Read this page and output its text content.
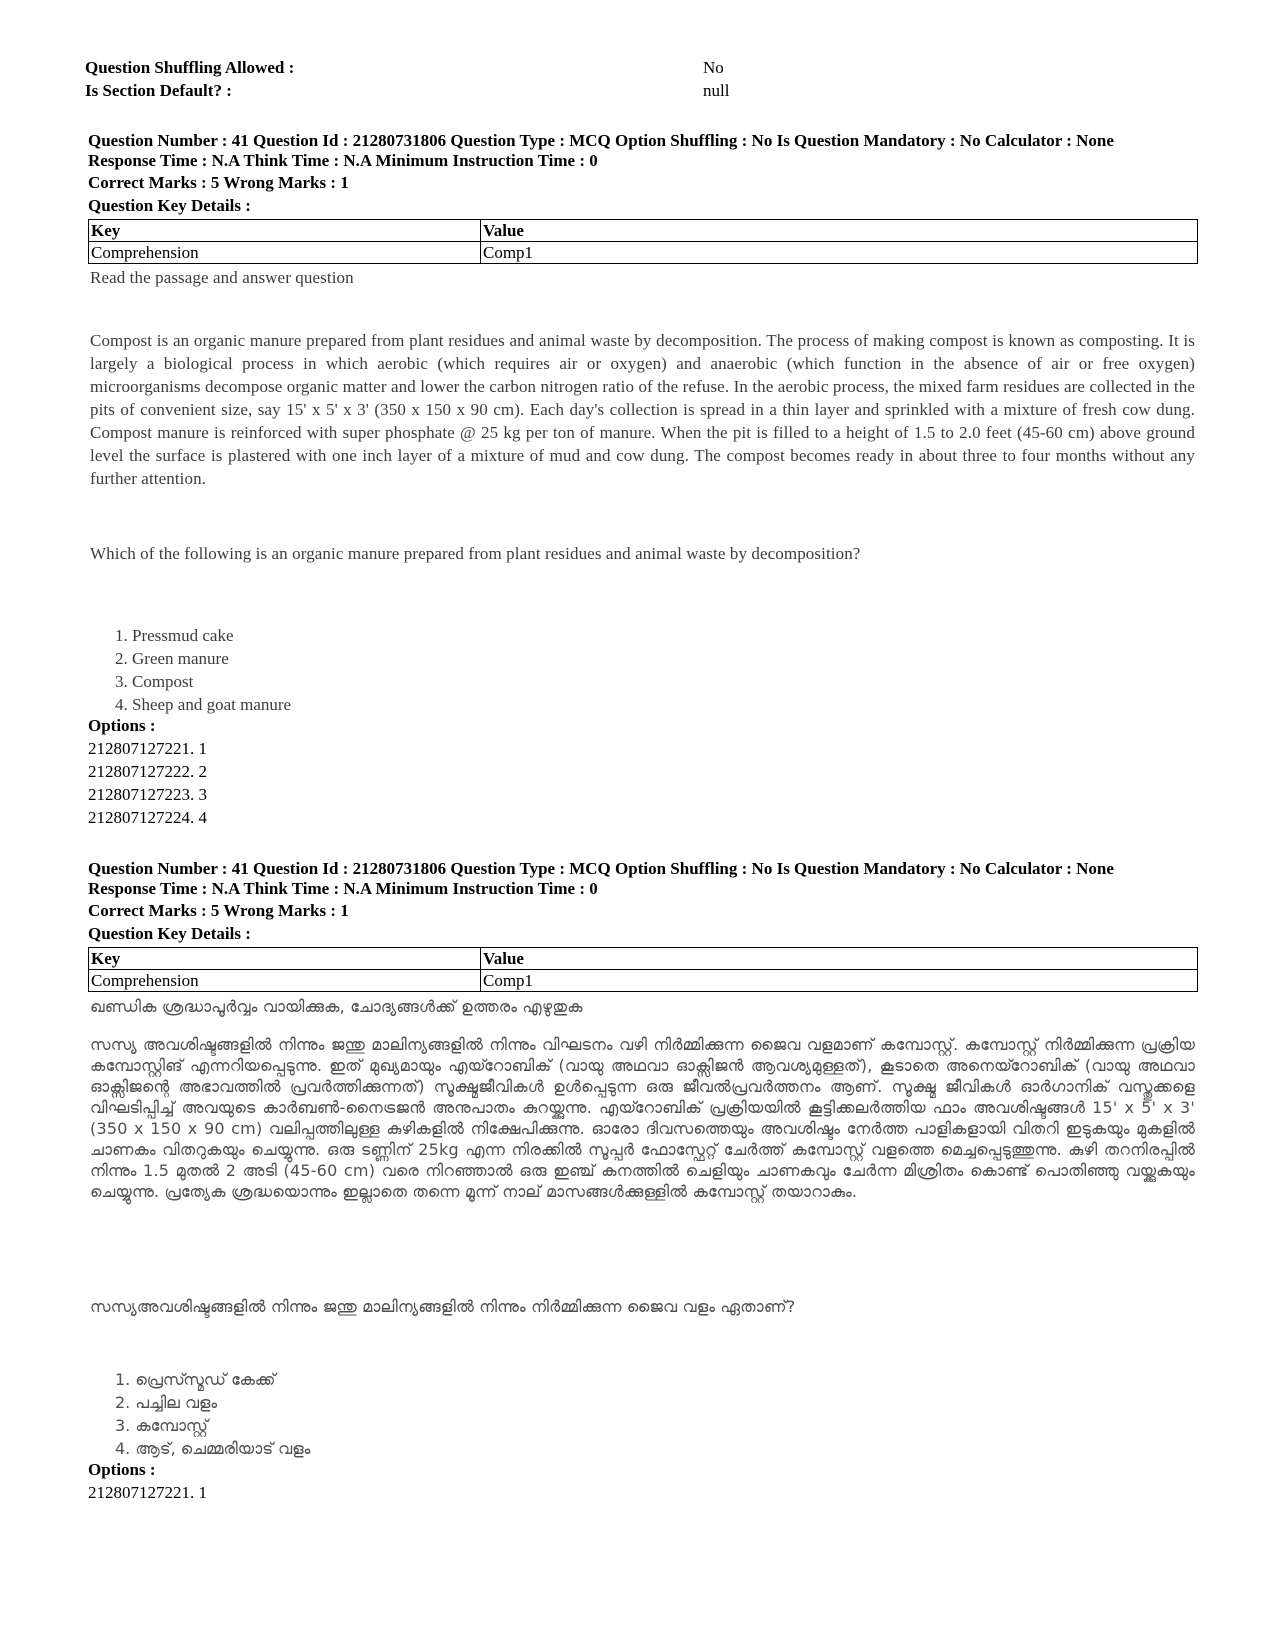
Question Shuffling Allowed :	No
Is Section Default? :	null
Question Number : 41 Question Id : 21280731806 Question Type : MCQ Option Shuffling : No Is Question Mandatory : No Calculator : None
Response Time : N.A Think Time : N.A Minimum Instruction Time : 0
Correct Marks : 5 Wrong Marks : 1
Question Key Details :
Key	Value
Comprehension	Comp1
Read the passage and answer question
Compost is an organic manure prepared from plant residues and animal waste by decomposition. The process of making compost is known as composting. It is largely a biological process in which aerobic (which requires air or oxygen) and anaerobic (which function in the absence of air or free oxygen) microorganisms decompose organic matter and lower the carbon nitrogen ratio of the refuse. In the aerobic process, the mixed farm residues are collected in the pits of convenient size, say 15' x 5' x 3' (350 x 150 x 90 cm). Each day's collection is spread in a thin layer and sprinkled with a mixture of fresh cow dung. Compost manure is reinforced with super phosphate @ 25 kg per ton of manure. When the pit is filled to a height of 1.5 to 2.0 feet (45-60 cm) above ground level the surface is plastered with one inch layer of a mixture of mud and cow dung. The compost becomes ready in about three to four months without any further attention.
Which of the following is an organic manure prepared from plant residues and animal waste by decomposition?
1. Pressmud cake
2. Green manure
3. Compost
4. Sheep and goat manure
Options :
212807127221. 1
212807127222. 2
212807127223. 3
212807127224. 4
Question Number : 41 Question Id : 21280731806 Question Type : MCQ Option Shuffling : No Is Question Mandatory : No Calculator : None
Response Time : N.A Think Time : N.A Minimum Instruction Time : 0
Correct Marks : 5 Wrong Marks : 1
Question Key Details :
Key	Value
Comprehension	Comp1
ഖണ്ഡിക ശ്രദ്ധാപൂർവ്വം വായിക്കുക, ചോദ്യങ്ങൾക്ക് ഉത്തരം എഴുതുക
സസ്യ അവശിഷ്ടങ്ങളിൽ നിന്നും ജന്തു മാലിന്യങ്ങളിൽ നിന്നും വിഘടനം വഴി നിർമ്മിക്കുന്ന ജൈവ വളമാണ് കമ്പോസ്റ്റ്. കമ്പോസ്റ്റ് നിർമ്മിക്കുന്ന പ്രക്രിയ കമ്പോസ്റ്റിങ് എന്നറിയപ്പെടുന്നു. ഇത് മുഖ്യമായും എയ്റോബിക് (വായു അഥവാ ഓക്സിജൻ ആവശ്യമുള്ളത്), കൂടാതെ അനെയ്റോബിക് (വായു അഥവാ ഓക്സിജന്റെ അഭാവത്തിൽ പ്രവർത്തിക്കുന്നത്) സൂക്ഷ്മജീവികൾ ഉൾപ്പെടുന്ന ഒരു ജീവൽപ്രവർത്തനം ആണ്. സൂക്ഷ്മ ജീവികൾ ഓർഗാനിക് വസ്തുക്കളെ വിഘടിപ്പിച്ച് അവയുടെ കാർബൺ-നൈട്രജൻ അനുപാതം കുറയ്ക്കുന്നു. എയ്റോബിക് പ്രക്രിയയിൽ കൂട്ടിക്കലർത്തിയ ഫാം അവശിഷ്ടങ്ങൾ 15' x 5' x 3' (350 x 150 x 90 cm) വലിപ്പത്തിലുള്ള കുഴികളിൽ നിക്ഷേപിക്കുന്നു. ഓരോ ദിവസത്തെയും അവശിഷ്ടം നേർത്ത പാളികളായി വിതറി ഇടുകയും മുകളിൽ ചാണകം വിതറുകയും ചെയ്യുന്നു. ഒരു ടണ്ണിന് 25kg എന്ന നിരക്കിൽ സൂപ്പർ ഫോസ്ഫേറ്റ് ചേർത്ത് കമ്പോസ്റ്റ് വളത്തെ മെച്ചപ്പെടുത്തുന്നു. കുഴി തറനിരപ്പിൽ നിന്നും 1.5 മുതൽ 2 അടി (45-60 cm) വരെ നിറഞ്ഞാൽ ഒരു ഇഞ്ച് കനത്തിൽ ചെളിയും ചാണകവും ചേർന്ന മിശ്രിതം കൊണ്ട് പൊതിഞ്ഞു വയ്ക്കുകയും ചെയ്യുന്നു. പ്രത്യേക ശ്രദ്ധയൊന്നും ഇല്ലാതെ തന്നെ മൂന്ന് നാല് മാസങ്ങൾക്കുള്ളിൽ കമ്പോസ്റ്റ് തയാറാകും.
സസ്യഅവശിഷ്ടങ്ങളിൽ നിന്നും ജന്തു മാലിന്യങ്ങളിൽ നിന്നും നിർമ്മിക്കുന്ന ജൈവ വളം ഏതാണ്?
1. പ്രെസ്സ്മഡ് കേക്ക്
2. പച്ചില വളം
3. കമ്പോസ്റ്റ്
4. ആട്, ചെമ്മരിയാട് വളം
Options :
212807127221. 1
